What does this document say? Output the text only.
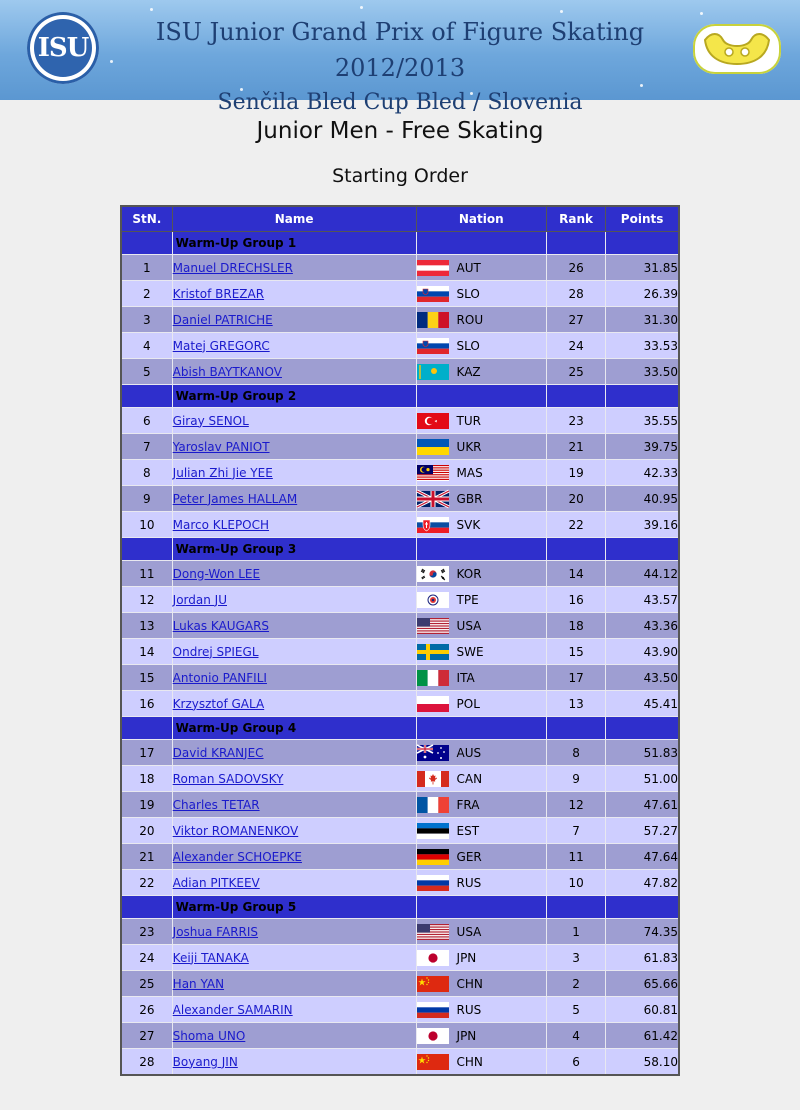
ISU
ISU Junior Grand Prix of Figure Skating 2012/2013
Senčila Bled Cup Bled / Slovenia
Junior Men - Free Skating
Starting Order
StN.	Name	Nation	Rank	Points
	Warm-Up Group 1			
1	Manuel DRECHSLER	AUT	26	31.85
2	Kristof BREZAR	SLO	28	26.39
3	Daniel PATRICHE	ROU	27	31.30
4	Matej GREGORC	SLO	24	33.53
5	Abish BAYTKANOV	KAZ	25	33.50
	Warm-Up Group 2			
6	Giray SENOL	TUR	23	35.55
7	Yaroslav PANIOT	UKR	21	39.75
8	Julian Zhi Jie YEE	MAS	19	42.33
9	Peter James HALLAM	GBR	20	40.95
10	Marco KLEPOCH	SVK	22	39.16
	Warm-Up Group 3			
11	Dong-Won LEE	KOR	14	44.12
12	Jordan JU	TPE	16	43.57
13	Lukas KAUGARS	USA	18	43.36
14	Ondrej SPIEGL	SWE	15	43.90
15	Antonio PANFILI	ITA	17	43.50
16	Krzysztof GALA	POL	13	45.41
	Warm-Up Group 4			
17	David KRANJEC	AUS	8	51.83
18	Roman SADOVSKY	CAN	9	51.00
19	Charles TETAR	FRA	12	47.61
20	Viktor ROMANENKOV	EST	7	57.27
21	Alexander SCHOEPKE	GER	11	47.64
22	Adian PITKEEV	RUS	10	47.82
	Warm-Up Group 5			
23	Joshua FARRIS	USA	1	74.35
24	Keiji TANAKA	JPN	3	61.83
25	Han YAN	CHN	2	65.66
26	Alexander SAMARIN	RUS	5	60.81
27	Shoma UNO	JPN	4	61.42
28	Boyang JIN	CHN	6	58.10
